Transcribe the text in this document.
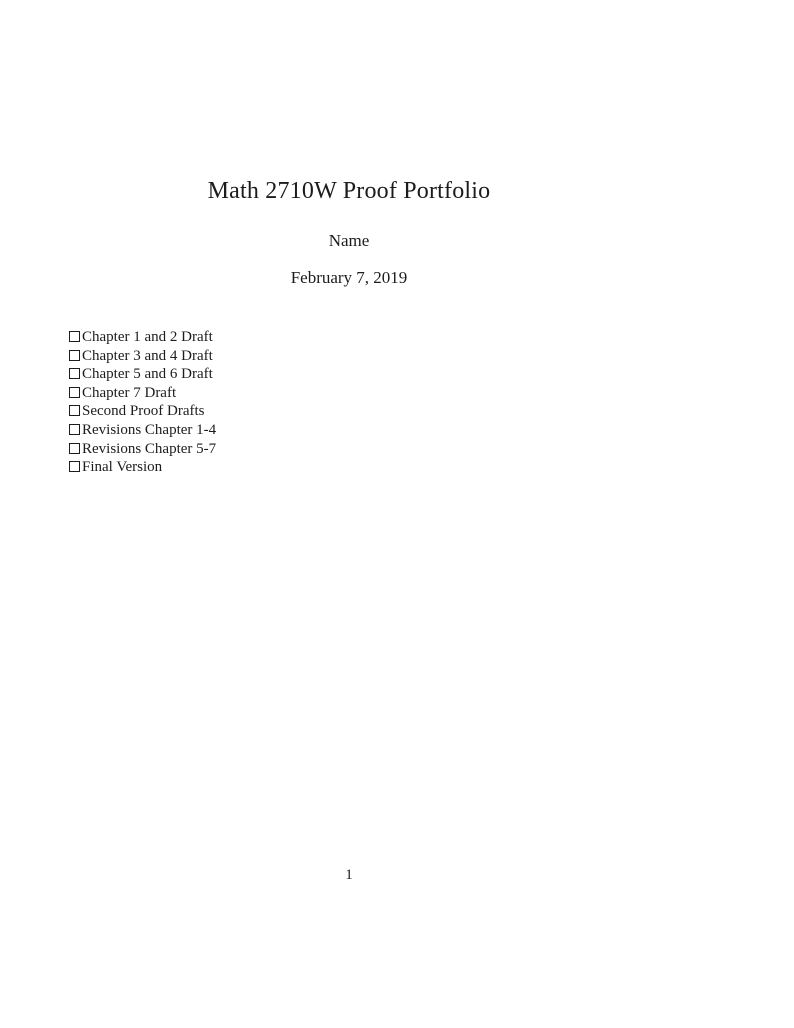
Math 2710W Proof Portfolio
Name
February 7, 2019
Chapter 1 and 2 Draft
Chapter 3 and 4 Draft
Chapter 5 and 6 Draft
Chapter 7 Draft
Second Proof Drafts
Revisions Chapter 1-4
Revisions Chapter 5-7
Final Version
1
